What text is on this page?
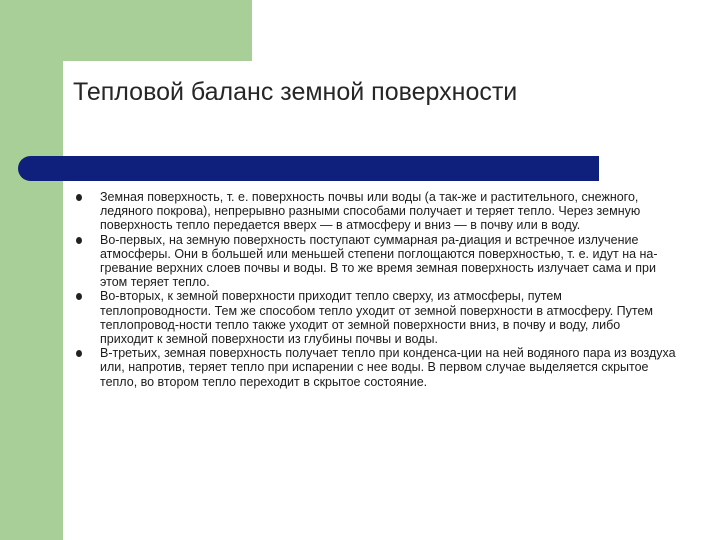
Тепловой баланс земной поверхности
Земная поверхность, т. е. поверхность почвы или воды (а так-же и растительного, снежного, ледяного покрова), непрерывно разными способами получает и теряет тепло. Через земную поверхность тепло передается вверх — в атмосферу и вниз — в почву или в воду.
Во-первых, на земную поверхность поступают суммарная ра-диация и встречное излучение атмосферы. Они в большей или меньшей степени поглощаются поверхностью, т. е. идут на на-гревание верхних слоев почвы и воды. В то же время земная поверхность излучает сама и при этом теряет тепло.
Во-вторых, к земной поверхности приходит тепло сверху, из атмосферы, путем теплопроводности. Тем же способом тепло уходит от земной поверхности в атмосферу. Путем теплопровод-ности тепло также уходит от земной поверхности вниз, в почву и воду, либо приходит к земной поверхности из глубины почвы и воды.
В-третьих, земная поверхность получает тепло при конденса-ции на ней водяного пара из воздуха или, напротив, теряет тепло при испарении с нее воды. В первом случае выделяется скрытое тепло, во втором тепло переходит в скрытое состояние.
